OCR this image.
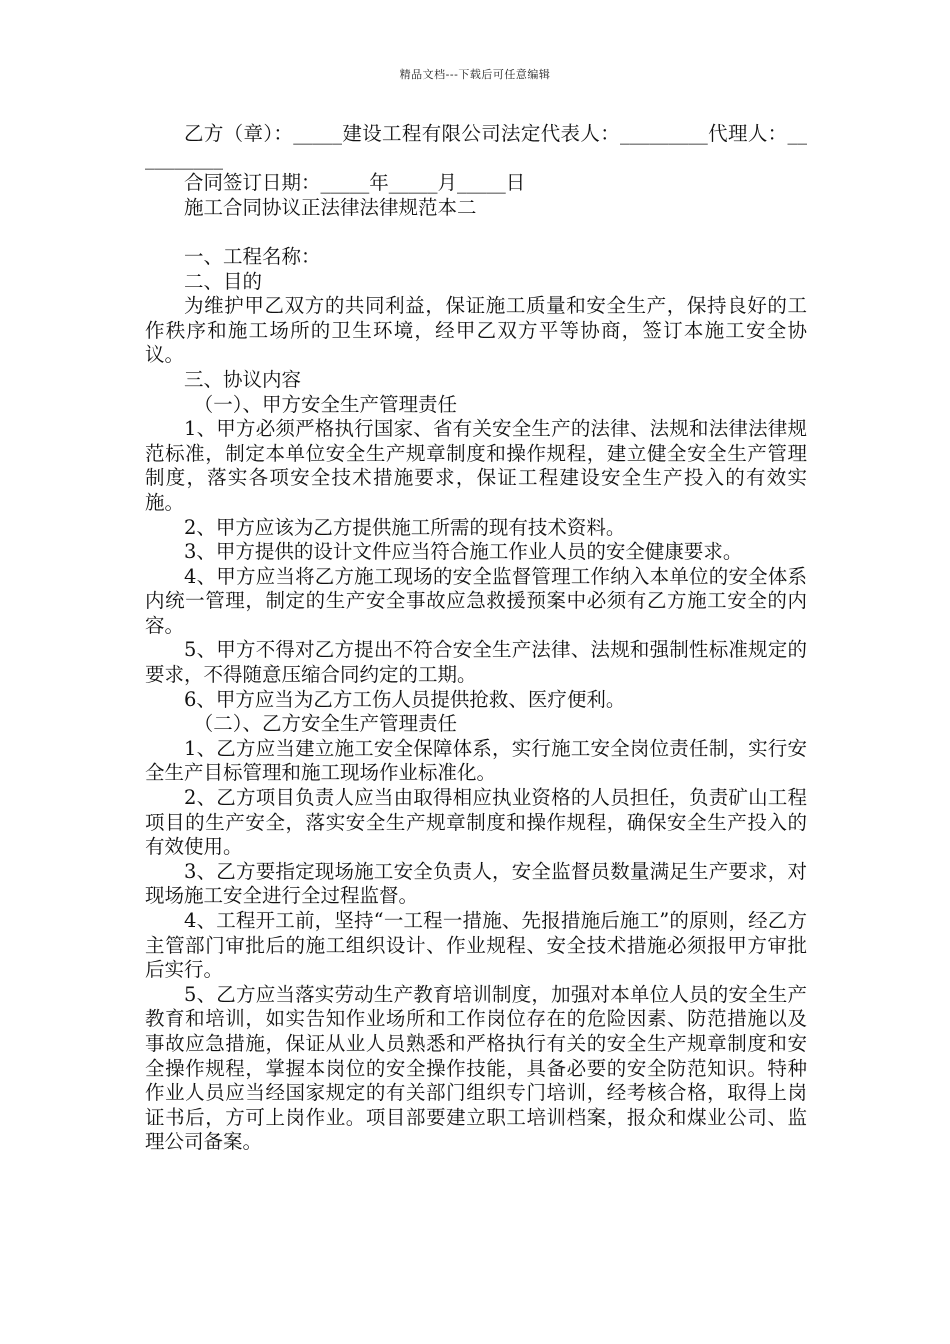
精品文档---下载后可任意编辑

乙方（章）：_____建设工程有限公司法定代表人：_________代理人：__________

合同签订日期：_____年_____月_____日

施工合同协议正法律法律规范本二

一、工程名称：

二、目的

为维护甲乙双方的共同利益，保证施工质量和安全生产，保持良好的工作秩序和施工场所的卫生环境，经甲乙双方平等协商，签订本施工安全协议。

三、协议内容

（一）、甲方安全生产管理责任

1、甲方必须严格执行国家、省有关安全生产的法律、法规和法律法律规范标准，制定本单位安全生产规章制度和操作规程，建立健全安全生产管理制度，落实各项安全技术措施要求，保证工程建设安全生产投入的有效实施。

2、甲方应该为乙方提供施工所需的现有技术资料。

3、甲方提供的设计文件应当符合施工作业人员的安全健康要求。

4、甲方应当将乙方施工现场的安全监督管理工作纳入本单位的安全体系内统一管理，制定的生产安全事故应急救援预案中必须有乙方施工安全的内容。

5、甲方不得对乙方提出不符合安全生产法律、法规和强制性标准规定的要求，不得随意压缩合同约定的工期。

6、甲方应当为乙方工伤人员提供抢救、医疗便利。

（二）、乙方安全生产管理责任

1、乙方应当建立施工安全保障体系，实行施工安全岗位责任制，实行安全生产目标管理和施工现场作业标准化。

2、乙方项目负责人应当由取得相应执业资格的人员担任，负责矿山工程项目的生产安全，落实安全生产规章制度和操作规程，确保安全生产投入的有效使用。

3、乙方要指定现场施工安全负责人，安全监督员数量满足生产要求，对现场施工安全进行全过程监督。

4、工程开工前，坚持“一工程一措施、先报措施后施工”的原则，经乙方主管部门审批后的施工组织设计、作业规程、安全技术措施必须报甲方审批后实行。

5、乙方应当落实劳动生产教育培训制度，加强对本单位人员的安全生产教育和培训，如实告知作业场所和工作岗位存在的危险因素、防范措施以及事故应急措施，保证从业人员熟悉和严格执行有关的安全生产规章制度和安全操作规程，掌握本岗位的安全操作技能，具备必要的安全防范知识。特种作业人员应当经国家规定的有关部门组织专门培训，经考核合格，取得上岗证书后，方可上岗作业。项目部要建立职工培训档案，报众和煤业公司、监理公司备案。
